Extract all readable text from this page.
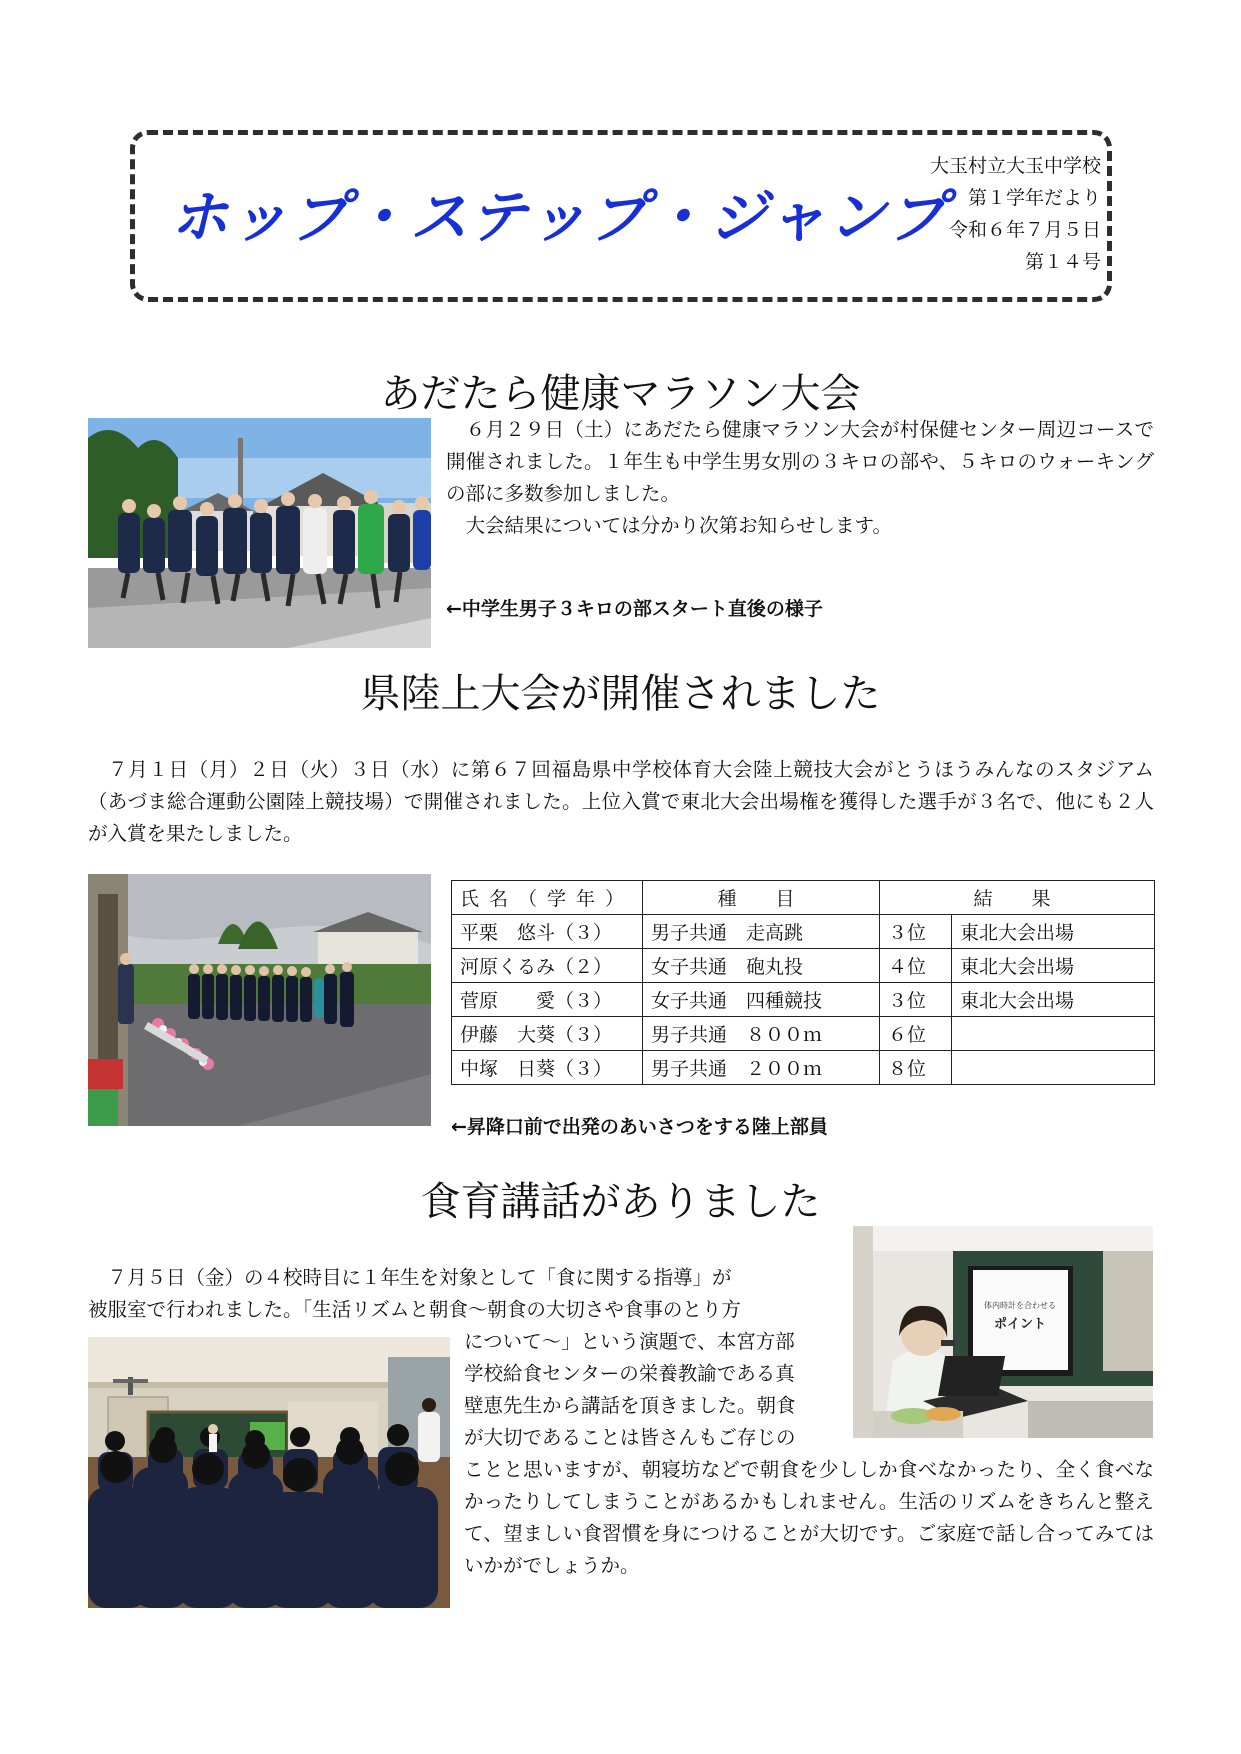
ホップ・ステップ・ジャンプ
大玉村立大玉中学校
第１学年だより
令和６年７月５日
第１４号
あだたら健康マラソン大会
　６月２９日（土）にあだたら健康マラソン大会が村保健センター周辺コースで開催されました。１年生も中学生男女別の３キロの部や、５キロのウォーキングの部に多数参加しました。
　大会結果については分かり次第お知らせします。
←中学生男子３キロの部スタート直後の様子
県陸上大会が開催されました
　７月１日（月）２日（火）３日（水）に第６７回福島県中学校体育大会陸上競技大会がとうほうみんなのスタジアム（あづま総合運動公園陸上競技場）で開催されました。上位入賞で東北大会出場権を獲得した選手が３名で、他にも２人が入賞を果たしました。
氏名（学年）	種　目	結　果	
平栗　悠斗（３）	男子共通　走高跳	３位	東北大会出場
河原くるみ（２）	女子共通　砲丸投	４位	東北大会出場
菅原　　愛（３）	女子共通　四種競技	３位	東北大会出場
伊藤　大葵（３）	男子共通　８００ｍ	６位	
中塚　日葵（３）	男子共通　２００ｍ	８位	
←昇降口前で出発のあいさつをする陸上部員
食育講話がありました
体内時計を合わせる
ポイント
　７月５日（金）の４校時目に１年生を対象として「食に関する指導」が
被服室で行われました。「生活リズムと朝食～朝食の大切さや食事のとり方
について～」という演題で、本宮方部
学校給食センターの栄養教諭である真
壁恵先生から講話を頂きました。朝食
が大切であることは皆さんもご存じの
ことと思いますが、朝寝坊などで朝食を少ししか食べなかったり、全く食べなかったりしてしまうことがあるかもしれません。生活のリズムをきちんと整えて、望ましい食習慣を身につけることが大切です。ご家庭で話し合ってみてはいかがでしょうか。
